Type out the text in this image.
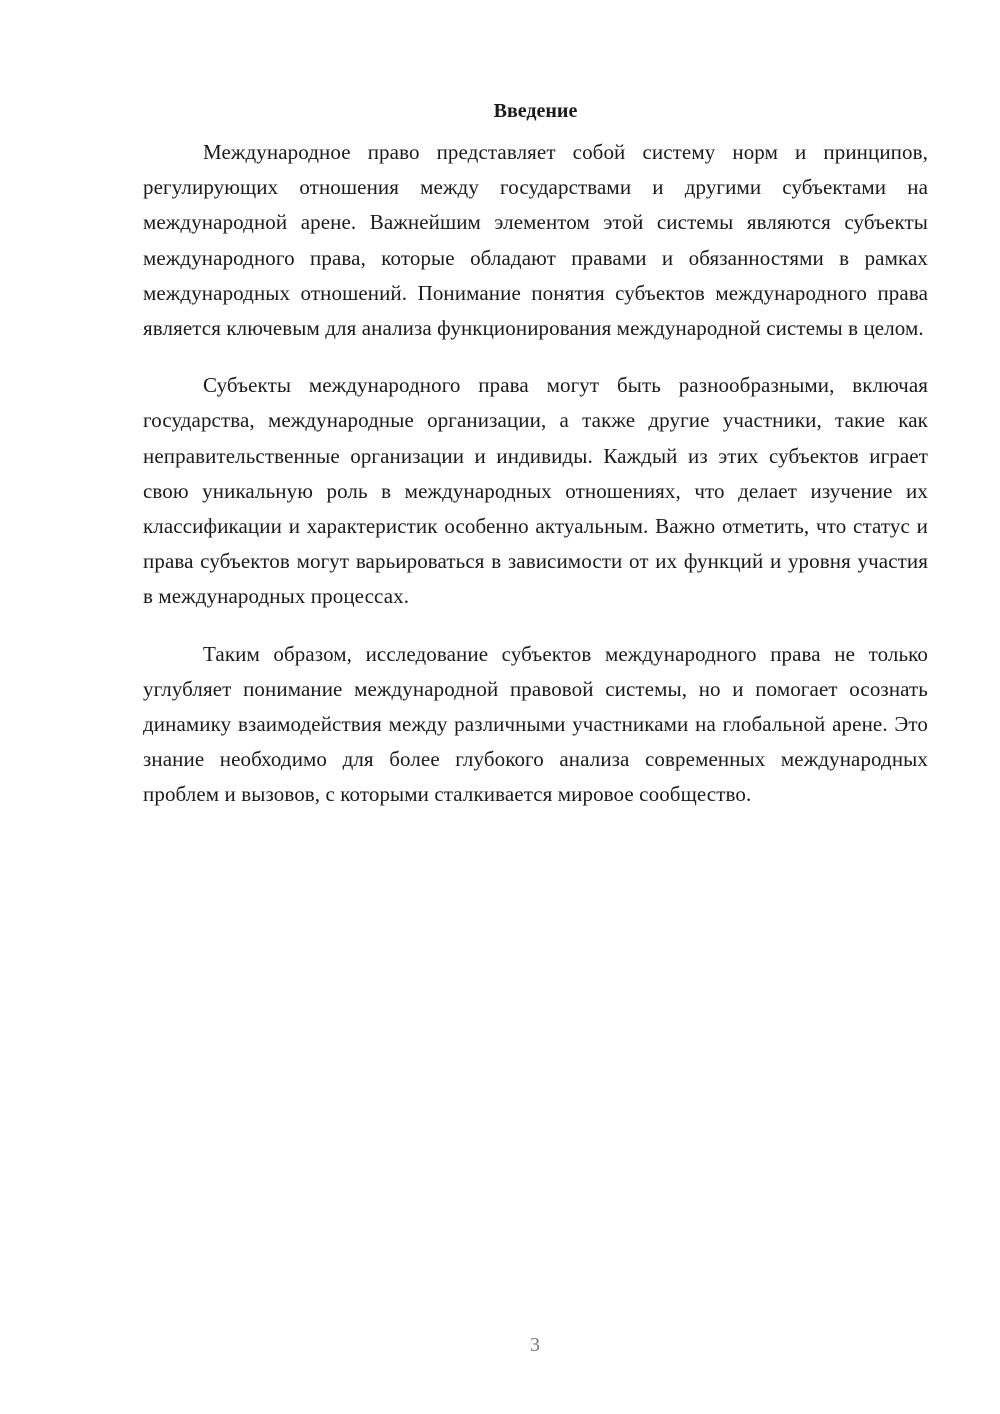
Введение

Международное право представляет собой систему норм и принципов, регулирующих отношения между государствами и другими субъектами на международной арене. Важнейшим элементом этой системы являются субъекты международного права, которые обладают правами и обязанностями в рамках международных отношений. Понимание понятия субъектов международного права является ключевым для анализа функционирования международной системы в целом.

Субъекты международного права могут быть разнообразными, включая государства, международные организации, а также другие участники, такие как неправительственные организации и индивиды. Каждый из этих субъектов играет свою уникальную роль в международных отношениях, что делает изучение их классификации и характеристик особенно актуальным. Важно отметить, что статус и права субъектов могут варьироваться в зависимости от их функций и уровня участия в международных процессах.

Таким образом, исследование субъектов международного права не только углубляет понимание международной правовой системы, но и помогает осознать динамику взаимодействия между различными участниками на глобальной арене. Это знание необходимо для более глубокого анализа современных международных проблем и вызовов, с которыми сталкивается мировое сообщество.

3
